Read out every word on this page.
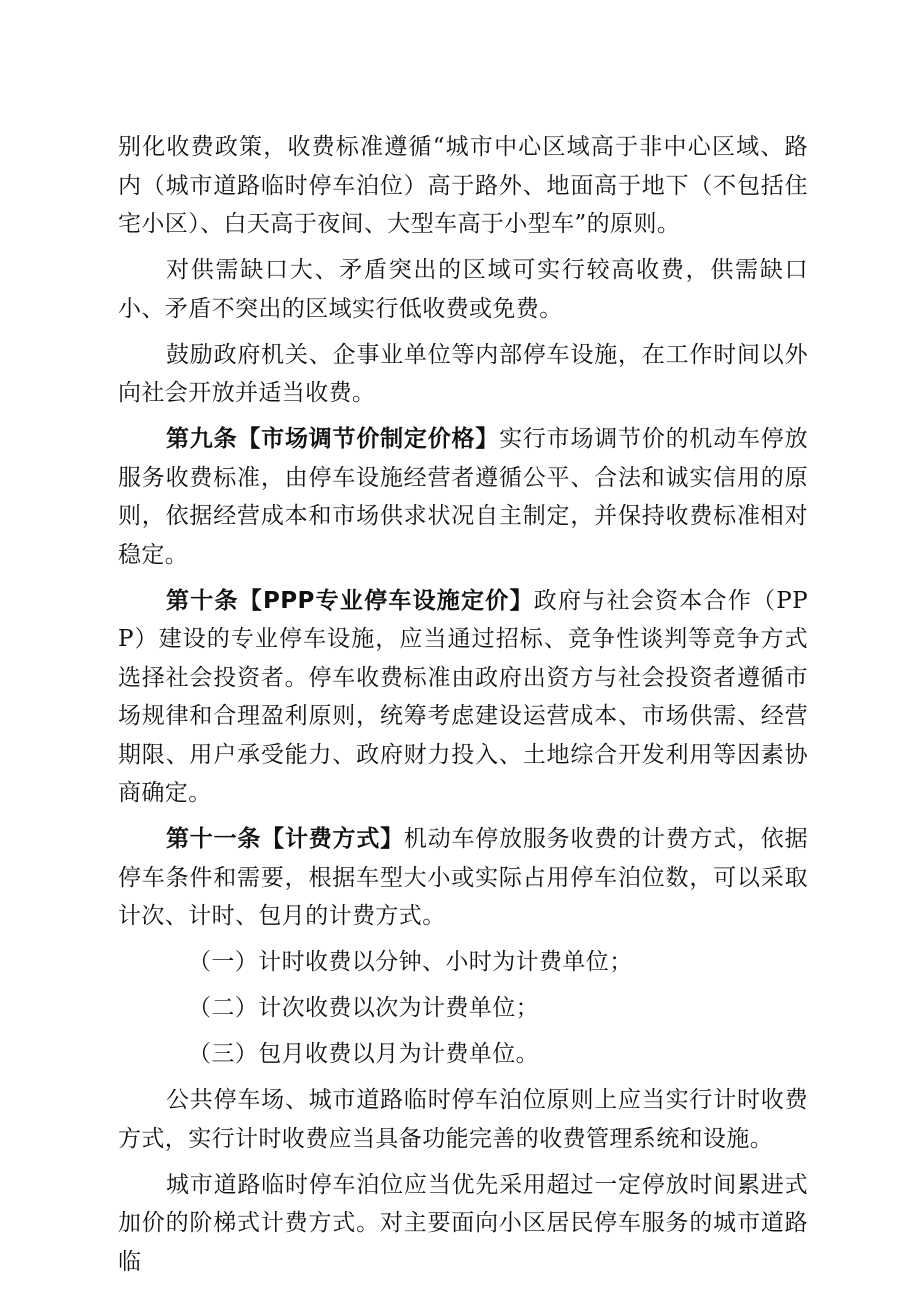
别化收费政策，收费标准遵循“城市中心区域高于非中心区域、路内（城市道路临时停车泊位）高于路外、地面高于地下（不包括住宅小区）、白天高于夜间、大型车高于小型车”的原则。

对供需缺口大、矛盾突出的区域可实行较高收费，供需缺口小、矛盾不突出的区域实行低收费或免费。

鼓励政府机关、企事业单位等内部停车设施，在工作时间以外向社会开放并适当收费。

第九条【市场调节价制定价格】实行市场调节价的机动车停放服务收费标准，由停车设施经营者遵循公平、合法和诚实信用的原则，依据经营成本和市场供求状况自主制定，并保持收费标准相对稳定。

第十条【PPP专业停车设施定价】政府与社会资本合作（PPP）建设的专业停车设施，应当通过招标、竞争性谈判等竞争方式选择社会投资者。停车收费标准由政府出资方与社会投资者遵循市场规律和合理盈利原则，统筹考虑建设运营成本、市场供需、经营期限、用户承受能力、政府财力投入、土地综合开发利用等因素协商确定。

第十一条【计费方式】机动车停放服务收费的计费方式，依据停车条件和需要，根据车型大小或实际占用停车泊位数，可以采取计次、计时、包月的计费方式。

（一）计时收费以分钟、小时为计费单位；

（二）计次收费以次为计费单位；

（三）包月收费以月为计费单位。

公共停车场、城市道路临时停车泊位原则上应当实行计时收费方式，实行计时收费应当具备功能完善的收费管理系统和设施。

城市道路临时停车泊位应当优先采用超过一定停放时间累进式加价的阶梯式计费方式。对主要面向小区居民停车服务的城市道路临
